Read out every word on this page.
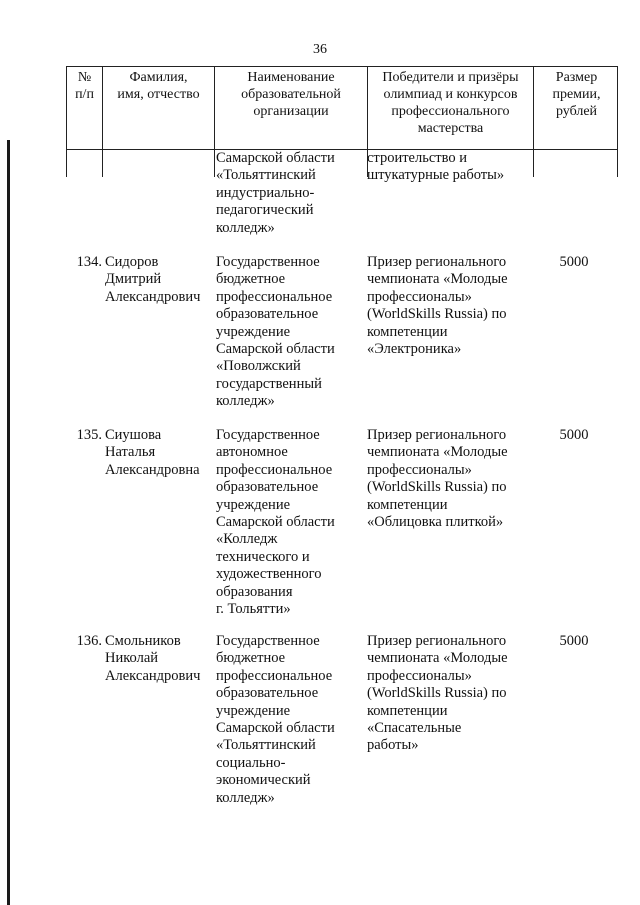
36
№
п/п
Фамилия,
имя, отчество
Наименование
образовательной
организации
Победители и призёры
олимпиад и конкурсов
профессионального
мастерства
Размер
премии,
рублей
Самарской области
«Тольяттинский
индустриально-
педагогический
колледж»
строительство и
штукатурные работы»
134. Сидоров
Дмитрий
Александрович
Государственное
бюджетное
профессиональное
образовательное
учреждение
Самарской области
«Поволжский
государственный
колледж»
Призер регионального
чемпионата «Молодые
профессионалы»
(WorldSkills Russia) по
компетенции
«Электроника»
5000
135. Сиушова
Наталья
Александровна
Государственное
автономное
профессиональное
образовательное
учреждение
Самарской области
«Колледж
технического и
художественного
образования
г. Тольятти»
Призер регионального
чемпионата «Молодые
профессионалы»
(WorldSkills Russia) по
компетенции
«Облицовка плиткой»
5000
136. Смольников
Николай
Александрович
Государственное
бюджетное
профессиональное
образовательное
учреждение
Самарской области
«Тольяттинский
социально-
экономический
колледж»
Призер регионального
чемпионата «Молодые
профессионалы»
(WorldSkills Russia) по
компетенции
«Спасательные
работы»
5000
